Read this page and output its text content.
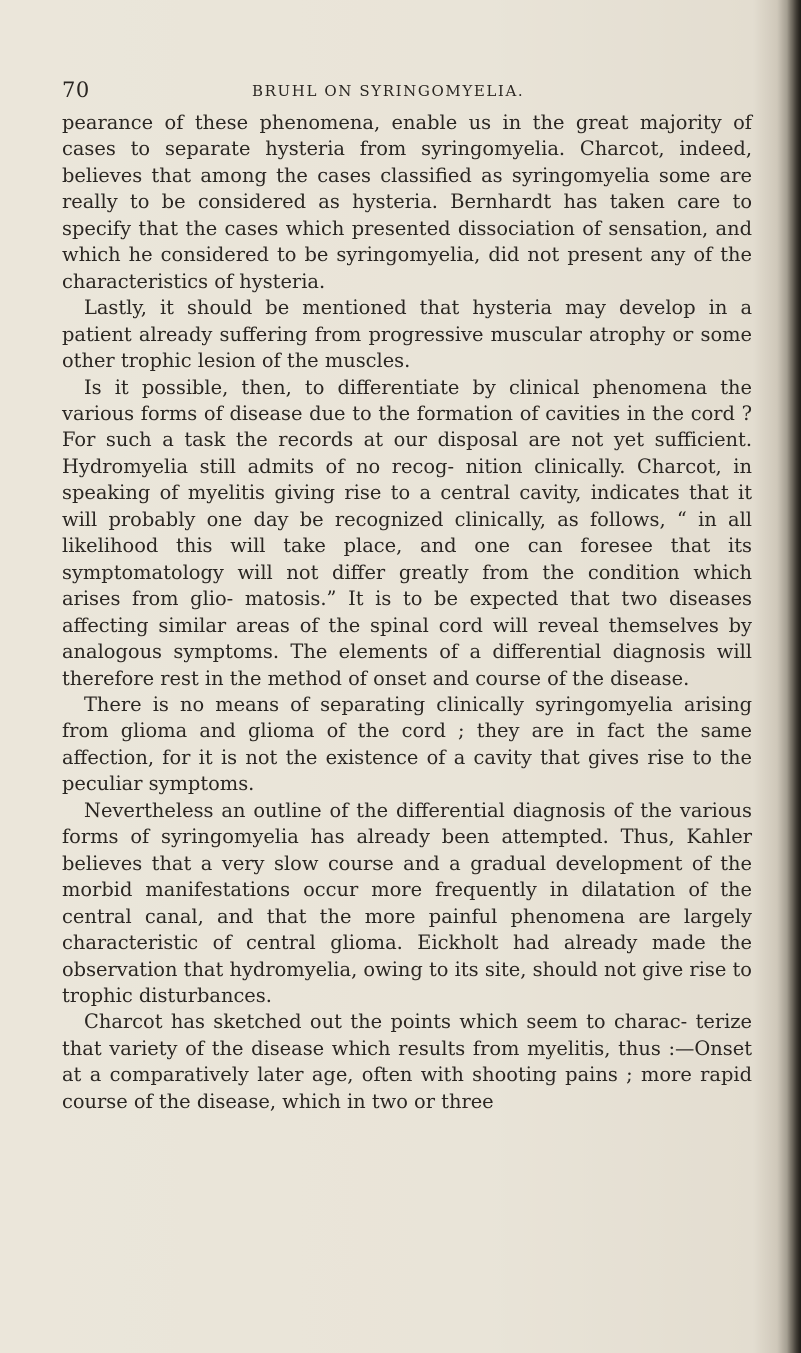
70	BRUHL ON SYRINGOMYELIA.

pearance of these phenomena, enable us in the great majority of cases to separate hysteria from syringomyelia. Charcot, indeed, believes that among the cases classified as syringomyelia some are really to be considered as hysteria. Bernhardt has taken care to specify that the cases which presented dissociation of sensation, and which he considered to be syringomyelia, did not present any of the characteristics of hysteria.

Lastly, it should be mentioned that hysteria may develop in a patient already suffering from progressive muscular atrophy or some other trophic lesion of the muscles.

Is it possible, then, to differentiate by clinical phenomena the various forms of disease due to the formation of cavities in the cord ? For such a task the records at our disposal are not yet sufficient. Hydromyelia still admits of no recog- nition clinically. Charcot, in speaking of myelitis giving rise to a central cavity, indicates that it will probably one day be recognized clinically, as follows, “ in all likelihood this will take place, and one can foresee that its symptomatology will not differ greatly from the condition which arises from glio- matosis.” It is to be expected that two diseases affecting similar areas of the spinal cord will reveal themselves by analogous symptoms. The elements of a differential diagnosis will therefore rest in the method of onset and course of the disease.

There is no means of separating clinically syringomyelia arising from glioma and glioma of the cord ; they are in fact the same affection, for it is not the existence of a cavity that gives rise to the peculiar symptoms.

Nevertheless an outline of the differential diagnosis of the various forms of syringomyelia has already been attempted. Thus, Kahler believes that a very slow course and a gradual development of the morbid manifestations occur more frequently in dilatation of the central canal, and that the more painful phenomena are largely characteristic of central glioma. Eickholt had already made the observation that hydromyelia, owing to its site, should not give rise to trophic disturbances.

Charcot has sketched out the points which seem to charac- terize that variety of the disease which results from myelitis, thus :—Onset at a comparatively later age, often with shooting pains ; more rapid course of the disease, which in two or three
